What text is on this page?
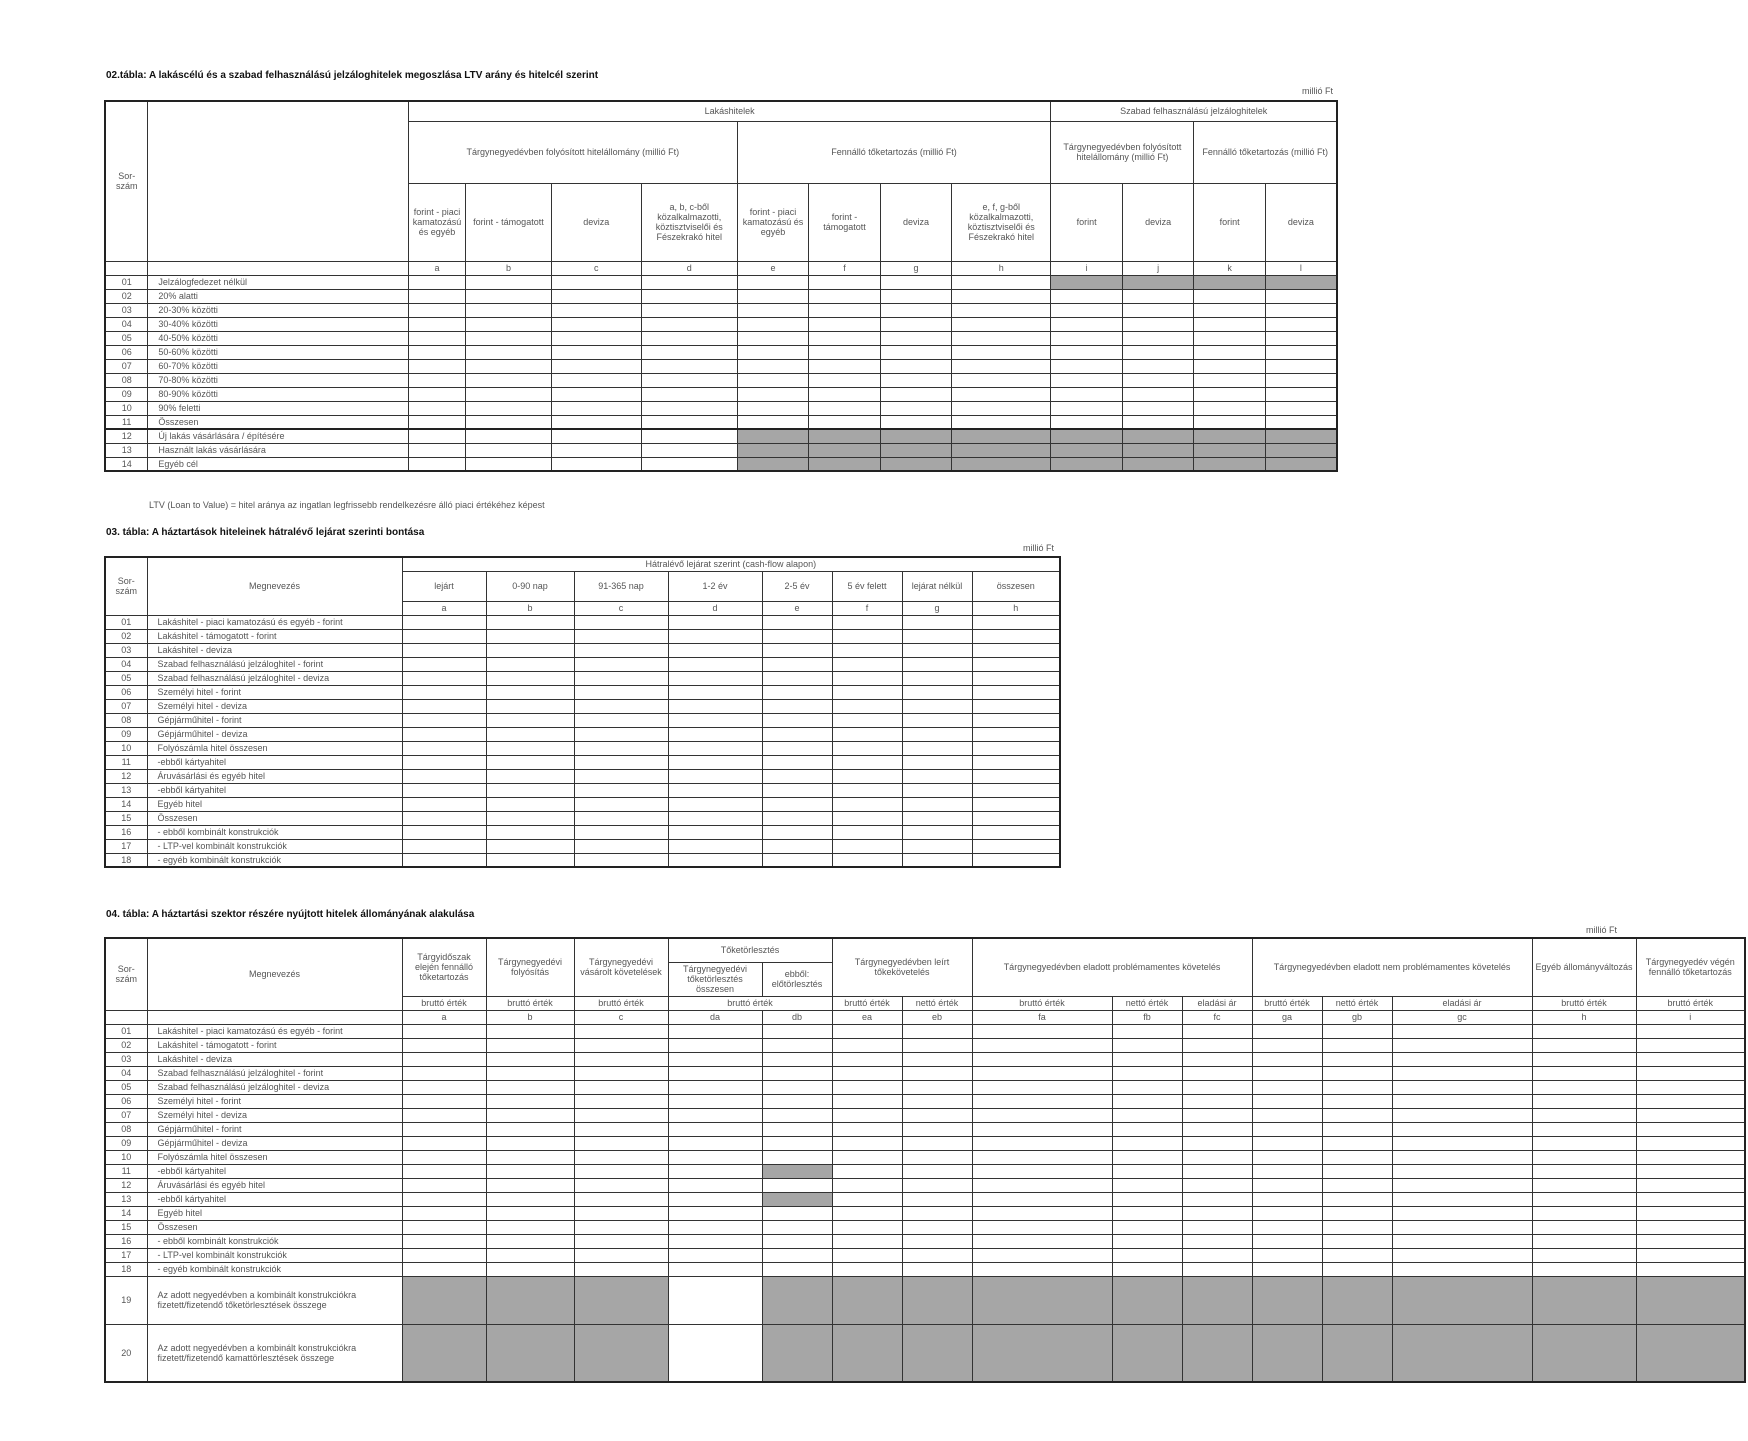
02.tábla: A lakáscélú és a szabad felhasználású jelzáloghitelek megoszlása LTV arány és hitelcél szerint
millió Ft
Sor-szám		Lakáshitelek								Szabad felhasználású jelzáloghitelek			
		Tárgynegyedévben folyósított hitelállomány (millió Ft)				Fennálló tőketartozás (millió Ft)				Tárgynegyedévben folyósított hitelállomány (millió Ft)		Fennálló tőketartozás (millió Ft)	
		forint - piaci kamatozású és egyéb	forint - támogatott	deviza	a, b, c-ből közalkalmazotti, köztisztviselői és Fészekrakó hitel	forint - piaci kamatozású és egyéb	forint - támogatott	deviza	e, f, g-ből közalkalmazotti, köztisztviselői és Fészekrakó hitel	forint	deviza	forint	deviza
		a	b	c	d	e	f	g	h	i	j	k	l
01	Jelzálogfedezet nélkül												
02	20% alatti												
03	20-30% közötti												
04	30-40% közötti												
05	40-50% közötti												
06	50-60% közötti												
07	60-70% közötti												
08	70-80% közötti												
09	80-90% közötti												
10	90% feletti												
11	Összesen												
12	Új lakás vásárlására / építésére												
13	Használt lakás vásárlására												
14	Egyéb cél												
LTV (Loan to Value) = hitel aránya az ingatlan legfrissebb rendelkezésre álló piaci értékéhez képest
03. tábla: A háztartások hiteleinek hátralévő lejárat szerinti bontása
millió Ft
Sor-szám	Megnevezés	Hátralévő lejárat szerint (cash-flow alapon)							
		lejárt	0-90 nap	91-365 nap	1-2 év	2-5 év	5 év felett	lejárat nélkül	összesen
		a	b	c	d	e	f	g	h
01	Lakáshitel - piaci kamatozású és egyéb - forint								
02	Lakáshitel - támogatott - forint								
03	Lakáshitel - deviza								
04	Szabad felhasználású jelzáloghitel - forint								
05	Szabad felhasználású jelzáloghitel - deviza								
06	Személyi hitel - forint								
07	Személyi hitel - deviza								
08	Gépjárműhitel - forint								
09	Gépjárműhitel - deviza								
10	Folyószámla hitel összesen								
11	-ebből kártyahitel								
12	Áruvásárlási és egyéb hitel								
13	-ebből kártyahitel								
14	Egyéb hitel								
15	Összesen								
16	- ebből kombinált konstrukciók								
17	- LTP-vel kombinált konstrukciók								
18	- egyéb kombinált konstrukciók								
04. tábla: A háztartási szektor részére nyújtott hitelek állományának alakulása
millió Ft
Sor-szám	Megnevezés	Tárgyidőszak elején fennálló tőketartozás	Tárgynegyedévi folyósítás	Tárgynegyedévi vásárolt követelések	Tőketörlesztés		Tárgynegyedévben leírt tőkekövetelés		Tárgynegyedévben eladott problémamentes követelés			Tárgynegyedévben eladott nem problémamentes követelés			Egyéb állományváltozás	Tárgynegyedév végén fennálló tőketartozás
					Tárgynegyedévi tőketörlesztés összesen	ebből: előtörlesztés										
		bruttó érték	bruttó érték	bruttó érték	bruttó érték		bruttó érték	nettó érték	bruttó érték	nettó érték	eladási ár	bruttó érték	nettó érték	eladási ár	bruttó érték	bruttó érték
		a	b	c	da	db	ea	eb	fa	fb	fc	ga	gb	gc	h	i
01	Lakáshitel - piaci kamatozású és egyéb - forint															
02	Lakáshitel - támogatott - forint															
03	Lakáshitel - deviza															
04	Szabad felhasználású jelzáloghitel - forint															
05	Szabad felhasználású jelzáloghitel - deviza															
06	Személyi hitel - forint															
07	Személyi hitel - deviza															
08	Gépjárműhitel - forint															
09	Gépjárműhitel - deviza															
10	Folyószámla hitel összesen															
11	-ebből kártyahitel															
12	Áruvásárlási és egyéb hitel															
13	-ebből kártyahitel															
14	Egyéb hitel															
15	Összesen															
16	- ebből kombinált konstrukciók															
17	- LTP-vel kombinált konstrukciók															
18	- egyéb kombinált konstrukciók															
19	Az adott negyedévben a kombinált konstrukciókra fizetett/fizetendő tőketörlesztések összege															
20	Az adott negyedévben a kombinált konstrukciókra fizetett/fizetendő kamattörlesztések összege															
